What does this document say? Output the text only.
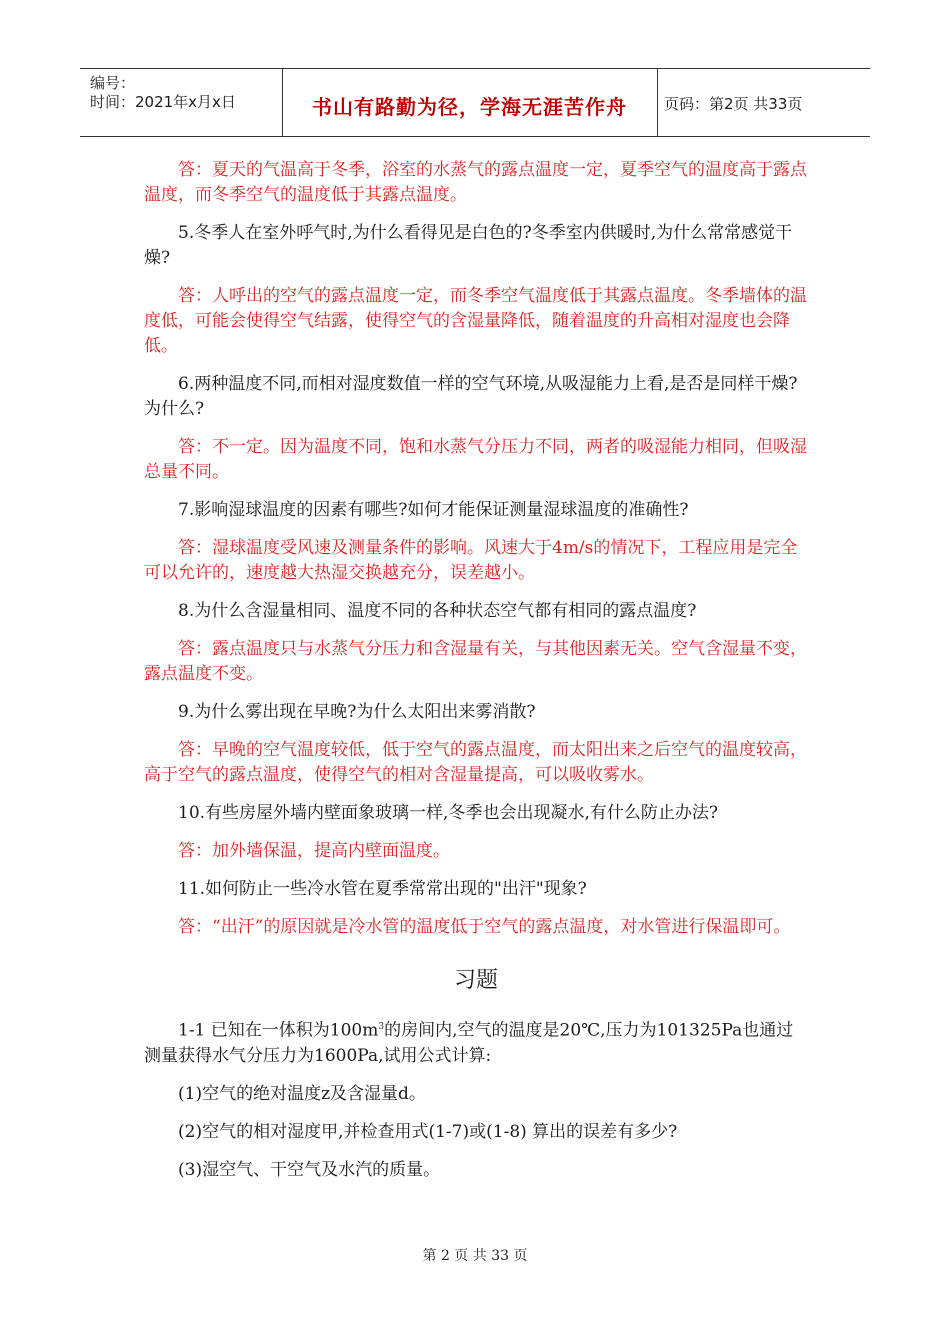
编号：
时间：2021年x月x日	书山有路勤为径，学海无涯苦作舟	页码：第2页 共33页
答：夏天的气温高于冬季，浴室的水蒸气的露点温度一定，夏季空气的温度高于露点温度，而冬季空气的温度低于其露点温度。
5.冬季人在室外呼气时,为什么看得见是白色的?冬季室内供暖时,为什么常常感觉干燥?
答：人呼出的空气的露点温度一定，而冬季空气温度低于其露点温度。冬季墙体的温度低，可能会使得空气结露，使得空气的含湿量降低，随着温度的升高相对湿度也会降低。
6.两种温度不同,而相对湿度数值一样的空气环境,从吸湿能力上看,是否是同样干燥?为什么?
答：不一定。因为温度不同，饱和水蒸气分压力不同，两者的吸湿能力相同，但吸湿总量不同。
7.影响湿球温度的因素有哪些?如何才能保证测量湿球温度的准确性?
答：湿球温度受风速及测量条件的影响。风速大于4m/s的情况下，工程应用是完全可以允许的，速度越大热湿交换越充分，误差越小。
8.为什么含湿量相同、温度不同的各种状态空气都有相同的露点温度?
答：露点温度只与水蒸气分压力和含湿量有关，与其他因素无关。空气含湿量不变，露点温度不变。
9.为什么雾出现在早晚?为什么太阳出来雾消散?
答：早晚的空气温度较低，低于空气的露点温度，而太阳出来之后空气的温度较高，高于空气的露点温度，使得空气的相对含湿量提高，可以吸收雾水。
10.有些房屋外墙内壁面象玻璃一样,冬季也会出现凝水,有什么防止办法?
答：加外墙保温，提高内壁面温度。
11.如何防止一些冷水管在夏季常常出现的"出汗"现象?
答：“出汗”的原因就是冷水管的温度低于空气的露点温度，对水管进行保温即可。
习题
1-1 已知在一体积为$100m^3$的房间内,空气的温度是20℃,压力为101325Pa也通过测量获得水气分压力为1600Pa,试用公式计算:
(1)空气的绝对温度z及含湿量d。
(2)空气的相对湿度甲,并检查用式(1-7)或(1-8) 算出的误差有多少?
(3)湿空气、干空气及水汽的质量。
第 2 页 共 33 页
